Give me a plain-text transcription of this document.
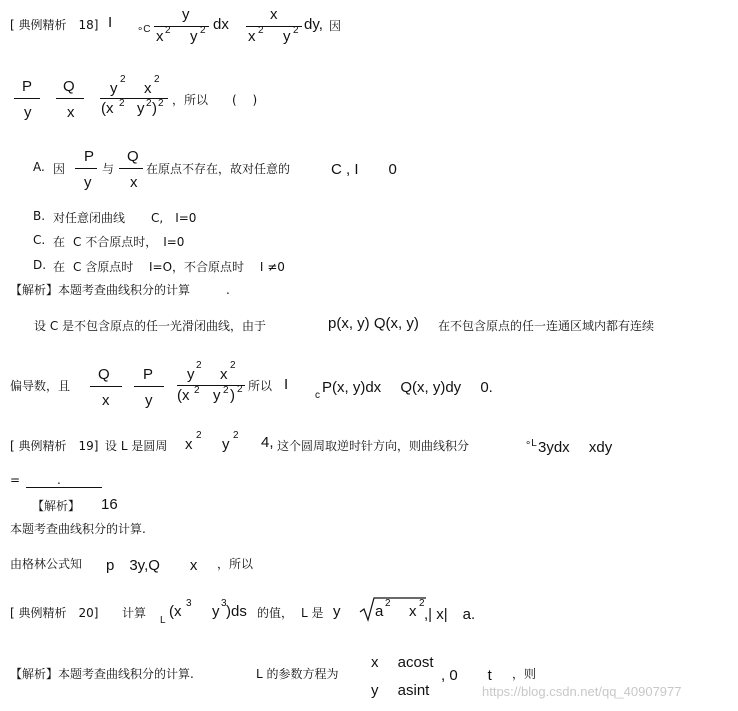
[ 典例精析　18] I ∘C
y
x 2 y 2 dx
x
x 2 y 2 dy, 因
P
y
Q
x
y
2
x
2
(x 2 y 2 ) 2 ，所以 (　 )
A. 因
P
y
与
Q
x
在原点不存在，故对任意的	C , I　　0
B. 对任意闭曲线 C,　I=0
C. 在 C 不合原点时，　I=0
D. 在 C 含原点时　 I=O，不合原点时　 I ≠0
【解析】本题考查曲线积分的计算　　　.
设 C 是不包含原点的任一光滑闭曲线，由于	p(x, y) Q(x, y) 在不包含原点的任一连通区域内都有连续
偏导数，且
Q
x
P
y
y
2
x
2
(x 2 y 2 ) 2 所以 I
c P(x, y)dx　 Q(x, y)dy　 0.
[ 典例精析　19] 设 L 是圆周 x
2
y
2 4, 这个圆周取逆时针方向，则曲线积分	∘L 3ydx　 xdy
=	.
【解析】 16
本题考查曲线积分的计算.
由格林公式知 p　3y,Q　　x ，所以
[ 典例精析　20] 计算
L
(x 3 y 3 )ds 的值， L 是 y a 2 x 2
,| x|　a.
【解析】本题考查曲线积分的计算.	L 的参数方程为
x　 acost
y　 asint
, 0　　t ，则
https://blog.csdn.net/qq_40907977
